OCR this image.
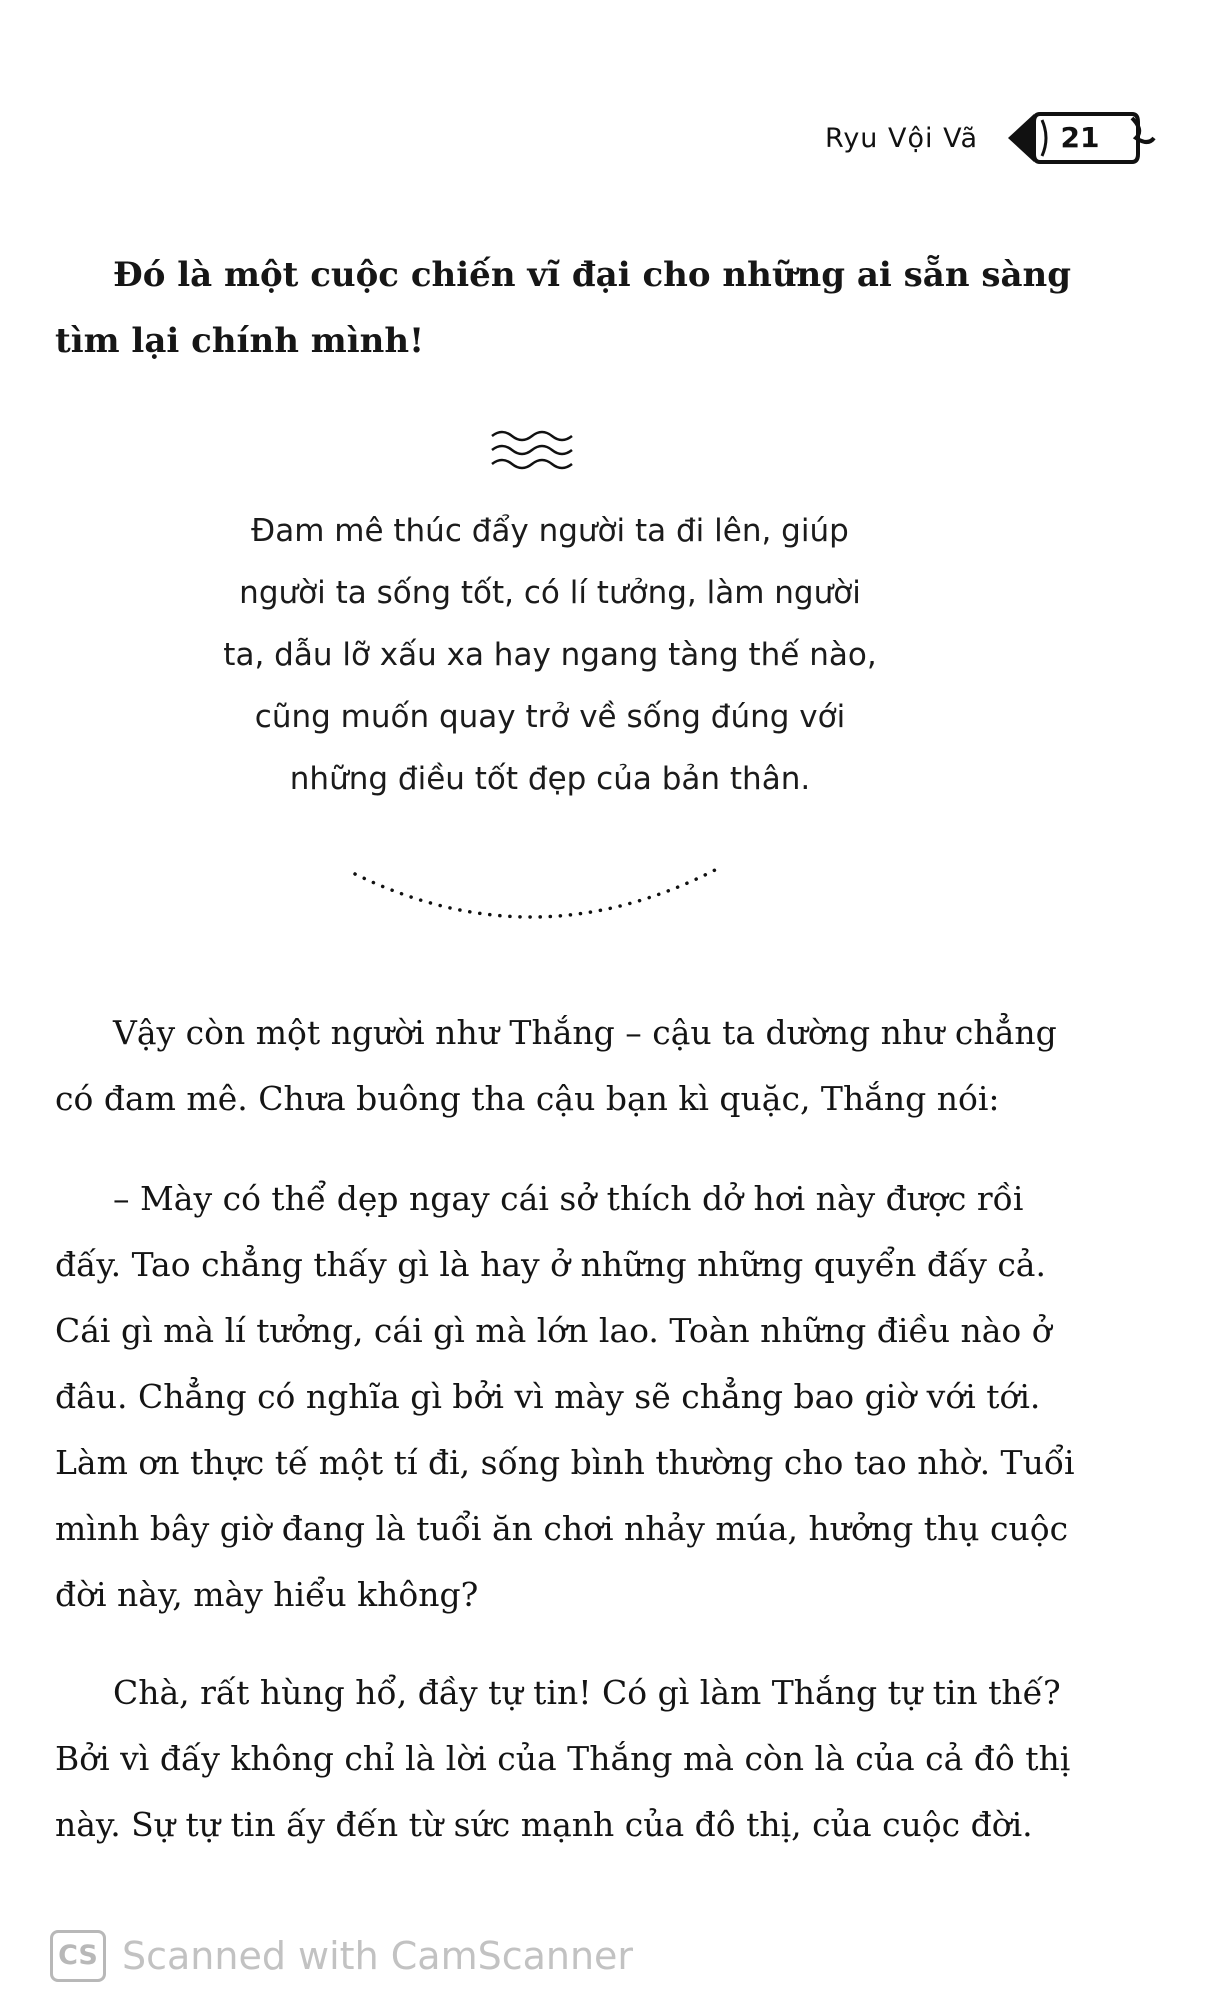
Ryu Vội Vã	21

Đó là một cuộc chiến vĩ đại cho những ai sẵn sàng tìm lại chính mình!

Đam mê thúc đẩy người ta đi lên, giúp
người ta sống tốt, có lí tưởng, làm người
ta, dẫu lỡ xấu xa hay ngang tàng thế nào,
cũng muốn quay trở về sống đúng với
những điều tốt đẹp của bản thân.

Vậy còn một người như Thắng – cậu ta dường như chẳng có đam mê. Chưa buông tha cậu bạn kì quặc, Thắng nói:

– Mày có thể dẹp ngay cái sở thích dở hơi này được rồi đấy. Tao chẳng thấy gì là hay ở những những quyển đấy cả. Cái gì mà lí tưởng, cái gì mà lớn lao. Toàn những điều nào ở đâu. Chẳng có nghĩa gì bởi vì mày sẽ chẳng bao giờ với tới. Làm ơn thực tế một tí đi, sống bình thường cho tao nhờ. Tuổi mình bây giờ đang là tuổi ăn chơi nhảy múa, hưởng thụ cuộc đời này, mày hiểu không?

Chà, rất hùng hổ, đầy tự tin! Có gì làm Thắng tự tin thế? Bởi vì đấy không chỉ là lời của Thắng mà còn là của cả đô thị này. Sự tự tin ấy đến từ sức mạnh của đô thị, của cuộc đời.

CS Scanned with CamScanner
